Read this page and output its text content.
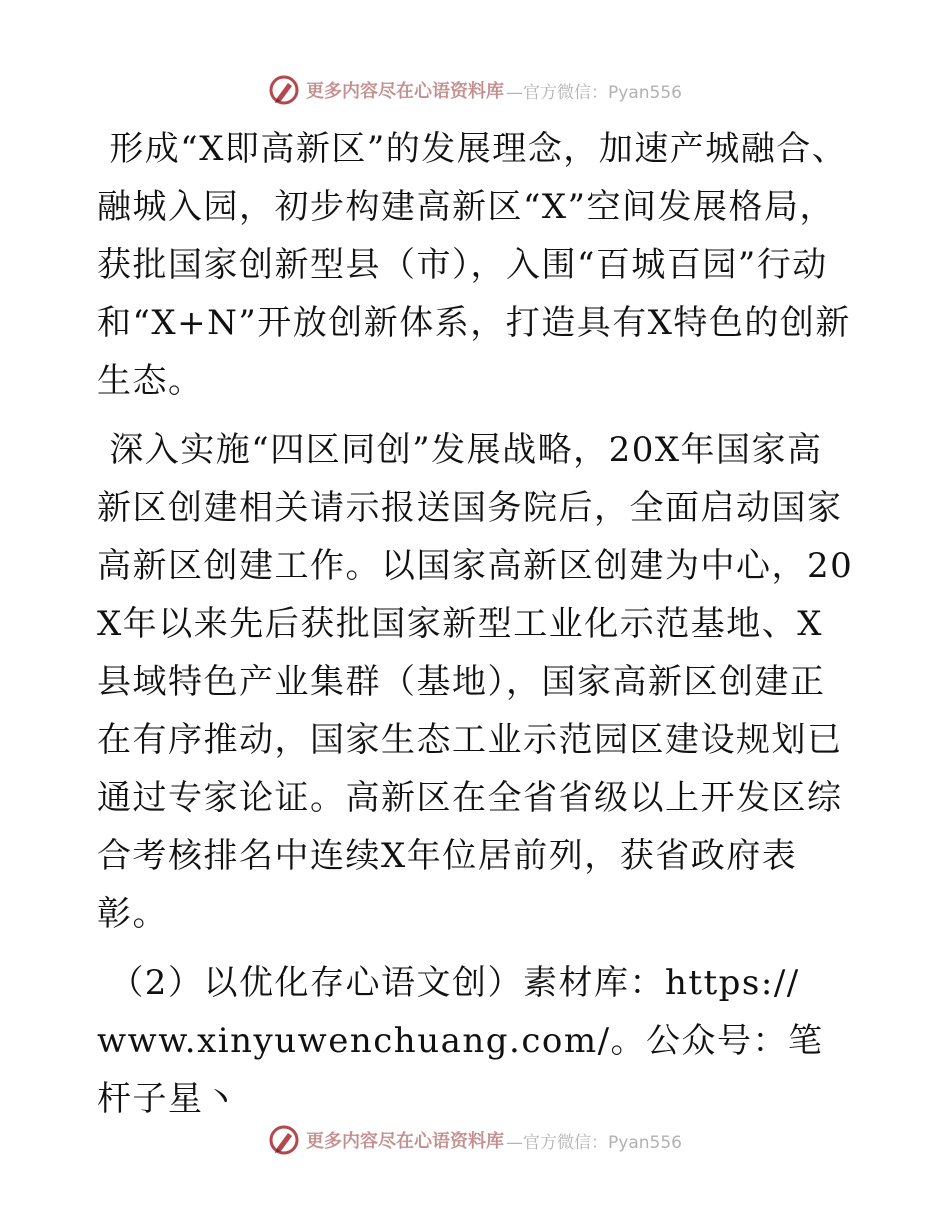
更多内容尽在心语资料库 —官方微信：Pyan556

形成“X即高新区”的发展理念，加速产城融合、融城入园，初步构建高新区“X”空间发展格局，获批国家创新型县（市），入围“百城百园”行动和“X+N”开放创新体系，打造具有X特色的创新生态。

深入实施“四区同创”发展战略，20X年国家高新区创建相关请示报送国务院后，全面启动国家高新区创建工作。以国家高新区创建为中心，20X年以来先后获批国家新型工业化示范基地、X县域特色产业集群（基地），国家高新区创建正在有序推动，国家生态工业示范园区建设规划已通过专家论证。高新区在全省省级以上开发区综合考核排名中连续X年位居前列，获省政府表彰。

（2）以优化存心语文创）素材库：https://
www.xinyuwenchuang.com/。公众号：笔杆子星丶

更多内容尽在心语资料库 —官方微信：Pyan556
